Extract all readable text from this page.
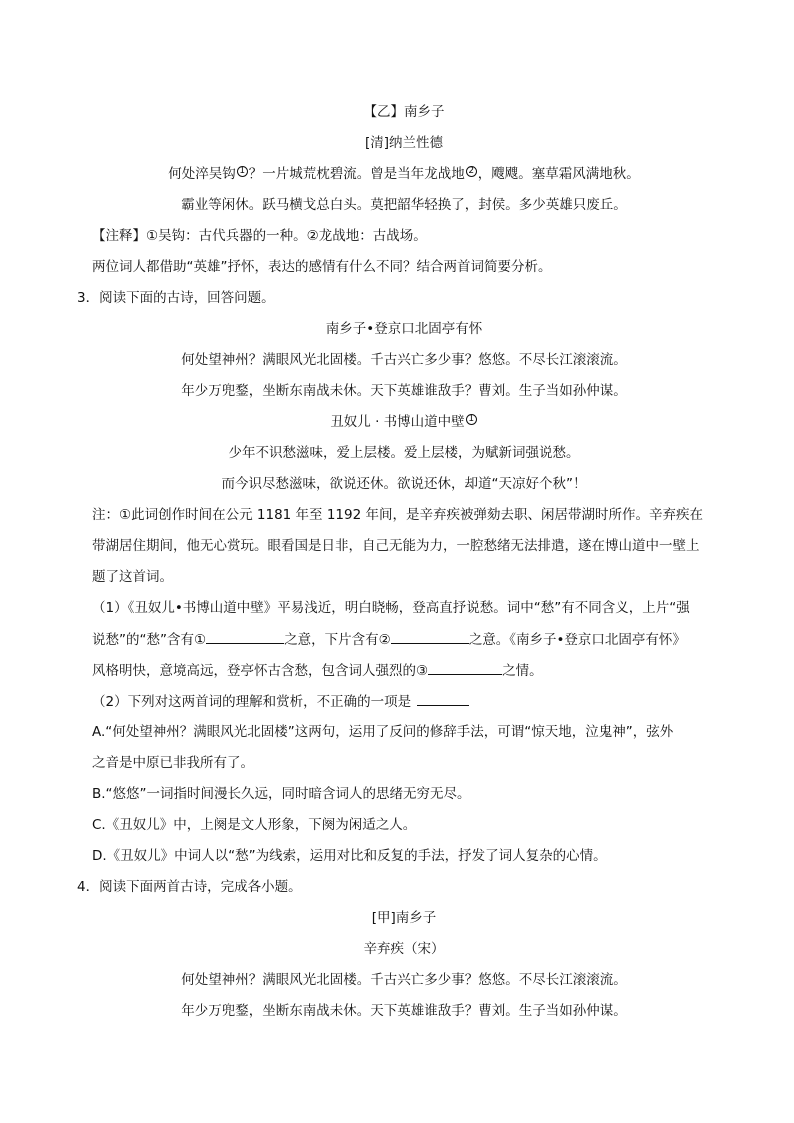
【乙】南乡子
[清]纳兰性德
何处淬吴钩 1 ？一片城荒枕碧流。曾是当年龙战地 2 ，飕飕。塞草霜风满地秋。
霸业等闲休。跃马横戈总白头。莫把韶华轻换了，封侯。多少英雄只废丘。
【注释】①吴钩：古代兵器的一种。②龙战地：古战场。
两位词人都借助“英雄”抒怀，表达的感情有什么不同？结合两首词简要分析。
3．阅读下面的古诗，回答问题。
南乡子•登京口北固亭有怀
何处望神州？满眼风光北固楼。千古兴亡多少事？悠悠。不尽长江滚滚流。
年少万兜鍪，坐断东南战未休。天下英雄谁敌手？曹刘。生子当如孙仲谋。
丑奴儿 · 书博山道中壁 1
少年不识愁滋味，爱上层楼。爱上层楼，为赋新词强说愁。
而今识尽愁滋味，欲说还休。欲说还休，却道“天凉好个秋”！
注：①此词创作时间在公元 1181 年至 1192 年间，是辛弃疾被弹劾去职、闲居带湖时所作。辛弃疾在
带湖居住期间，他无心赏玩。眼看国是日非，自己无能为力，一腔愁绪无法排遣，遂在博山道中一壁上
题了这首词。
（1）《丑奴儿•书博山道中壁》平易浅近，明白晓畅，登高直抒说愁。词中“愁”有不同含义，上片“强
说愁”的“愁”含有①	之意，下片含有②	之意。《南乡子•登京口北固亭有怀》
风格明快，意境高远，登亭怀古含愁，包含词人强烈的③	之情。
（2）下列对这两首词的理解和赏析，不正确的一项是
A.“何处望神州？满眼风光北固楼”这两句，运用了反问的修辞手法，可谓“惊天地，泣鬼神”，弦外
之音是中原已非我所有了。
B.“悠悠”一词指时间漫长久远，同时暗含词人的思绪无穷无尽。
C.《丑奴儿》中，上阕是文人形象，下阕为闲适之人。
D.《丑奴儿》中词人以“愁”为线索，运用对比和反复的手法，抒发了词人复杂的心情。
4．阅读下面两首古诗，完成各小题。
[甲]南乡子
辛弃疾（宋）
何处望神州？满眼风光北固楼。千古兴亡多少事？悠悠。不尽长江滚滚流。
年少万兜鍪，坐断东南战未休。天下英雄谁敌手？曹刘。生子当如孙仲谋。
